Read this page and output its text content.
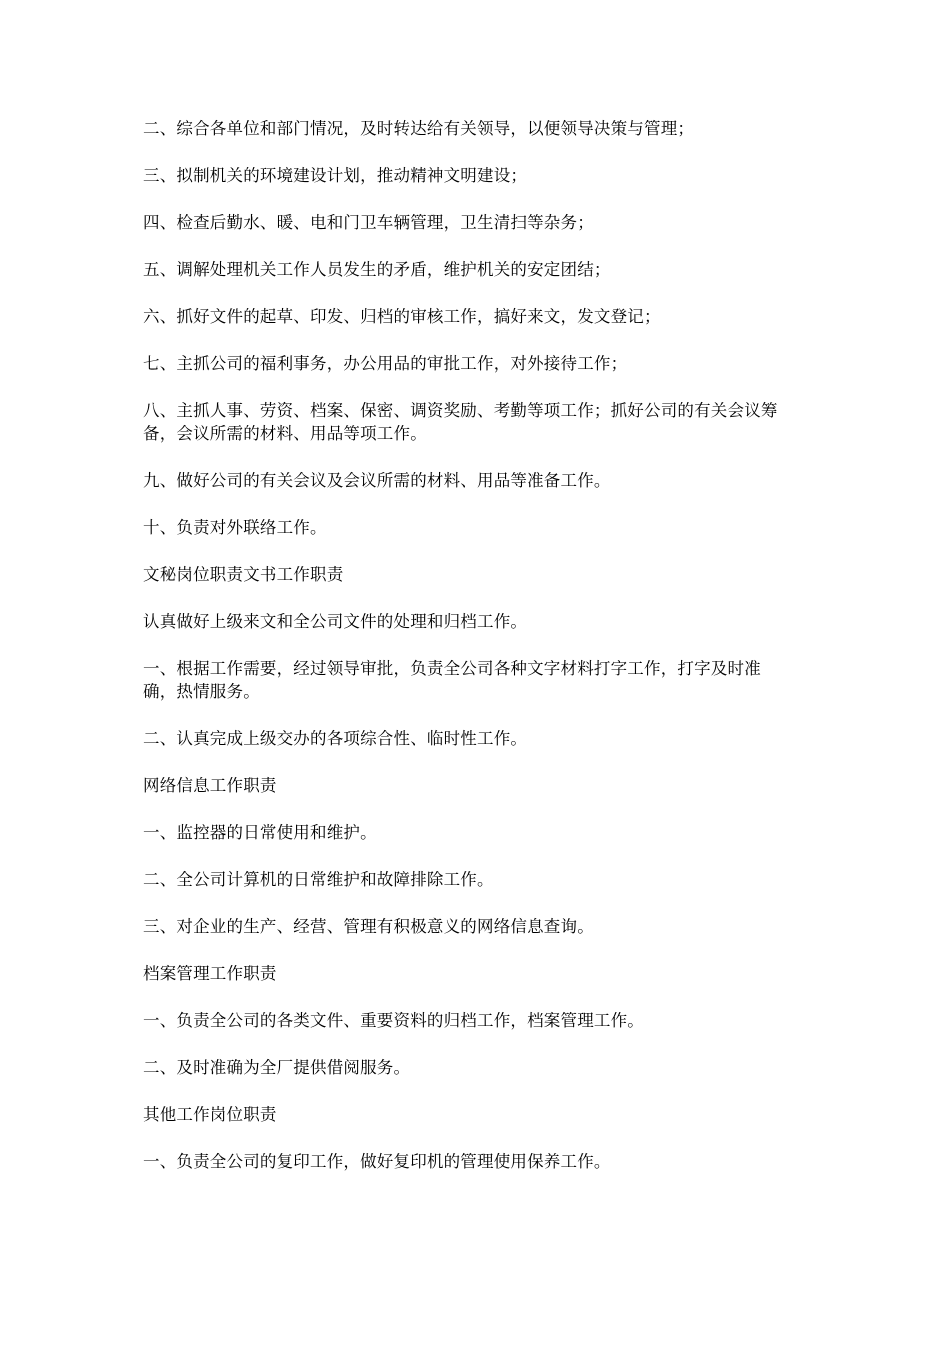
二、综合各单位和部门情况，及时转达给有关领导，以便领导决策与管理；

三、拟制机关的环境建设计划，推动精神文明建设；

四、检查后勤水、暖、电和门卫车辆管理，卫生清扫等杂务；

五、调解处理机关工作人员发生的矛盾，维护机关的安定团结；

六、抓好文件的起草、印发、归档的审核工作，搞好来文，发文登记；

七、主抓公司的福利事务，办公用品的审批工作，对外接待工作；

八、主抓人事、劳资、档案、保密、调资奖励、考勤等项工作；抓好公司的有关会议筹备，会议所需的材料、用品等项工作。

九、做好公司的有关会议及会议所需的材料、用品等准备工作。

十、负责对外联络工作。

文秘岗位职责文书工作职责

认真做好上级来文和全公司文件的处理和归档工作。

一、根据工作需要，经过领导审批，负责全公司各种文字材料打字工作，打字及时准确，热情服务。

二、认真完成上级交办的各项综合性、临时性工作。

网络信息工作职责

一、监控器的日常使用和维护。

二、全公司计算机的日常维护和故障排除工作。

三、对企业的生产、经营、管理有积极意义的网络信息查询。

档案管理工作职责

一、负责全公司的各类文件、重要资料的归档工作，档案管理工作。

二、及时准确为全厂提供借阅服务。

其他工作岗位职责

一、负责全公司的复印工作，做好复印机的管理使用保养工作。
